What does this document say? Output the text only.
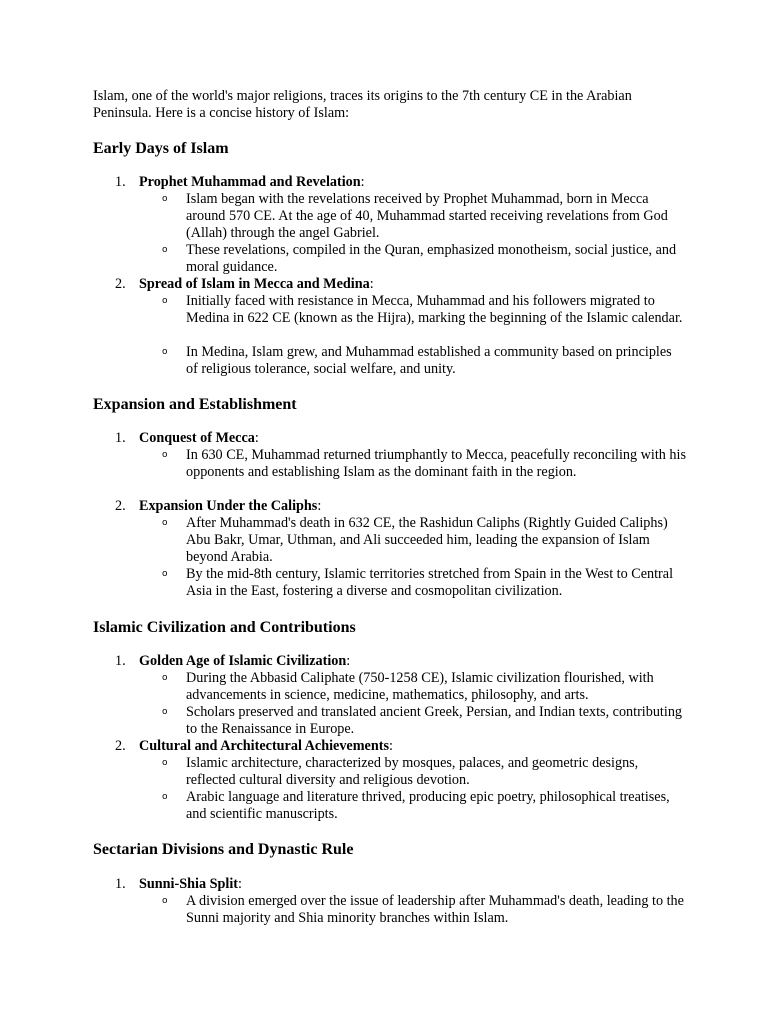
Islam, one of the world's major religions, traces its origins to the 7th century CE in the Arabian Peninsula. Here is a concise history of Islam:

Early Days of Islam
1. Prophet Muhammad and Revelation:
o	Islam began with the revelations received by Prophet Muhammad, born in Mecca around 570 CE. At the age of 40, Muhammad started receiving revelations from God (Allah) through the angel Gabriel.

o	These revelations, compiled in the Quran, emphasized monotheism, social justice, and moral guidance.

2. Spread of Islam in Mecca and Medina:
o	Initially faced with resistance in Mecca, Muhammad and his followers migrated to Medina in 622 CE (known as the Hijra), marking the beginning of the Islamic calendar.

o	In Medina, Islam grew, and Muhammad established a community based on principles of religious tolerance, social welfare, and unity.

Expansion and Establishment
1. Conquest of Mecca:
o	In 630 CE, Muhammad returned triumphantly to Mecca, peacefully reconciling with his opponents and establishing Islam as the dominant faith in the region.

2. Expansion Under the Caliphs:
o	After Muhammad's death in 632 CE, the Rashidun Caliphs (Rightly Guided Caliphs) Abu Bakr, Umar, Uthman, and Ali succeeded him, leading the expansion of Islam beyond Arabia.

o	By the mid-8th century, Islamic territories stretched from Spain in the West to Central Asia in the East, fostering a diverse and cosmopolitan civilization.

Islamic Civilization and Contributions
1. Golden Age of Islamic Civilization:
o	During the Abbasid Caliphate (750-1258 CE), Islamic civilization flourished, with advancements in science, medicine, mathematics, philosophy, and arts.

o	Scholars preserved and translated ancient Greek, Persian, and Indian texts, contributing to the Renaissance in Europe.

2. Cultural and Architectural Achievements:
o	Islamic architecture, characterized by mosques, palaces, and geometric designs, reflected cultural diversity and religious devotion.

o	Arabic language and literature thrived, producing epic poetry, philosophical treatises, and scientific manuscripts.

Sectarian Divisions and Dynastic Rule
1. Sunni-Shia Split:
o	A division emerged over the issue of leadership after Muhammad's death, leading to the Sunni majority and Shia minority branches within Islam.
